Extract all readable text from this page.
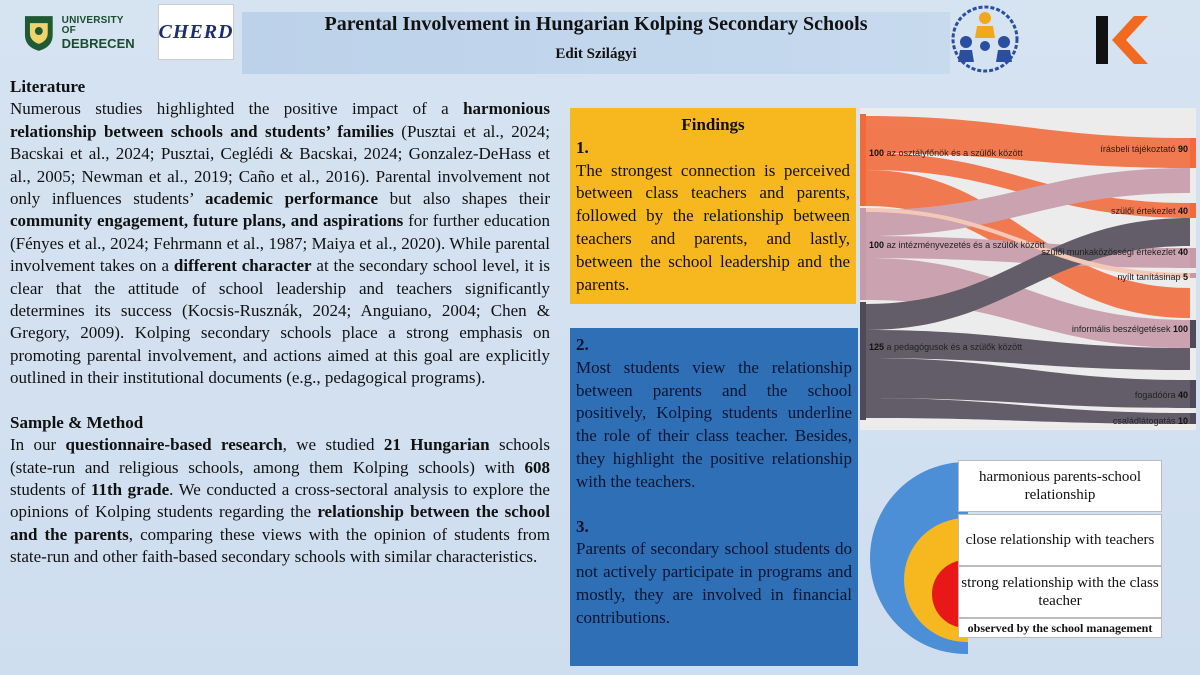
UNIVERSITY OF
DEBRECEN
CHERD	Parental Involvement in Hungarian Kolping Secondary Schools
Edit Szilágyi
Literature
Numerous studies highlighted the positive impact of a harmonious relationship between schools and students’ families (Pusztai et al., 2024; Bacskai et al., 2024; Pusztai, Ceglédi & Bacskai, 2024; Gonzalez-DeHass et al., 2005; Newman et al., 2019; Caño et al., 2016). Parental involvement not only influences students’ academic performance but also shapes their community engagement, future plans, and aspirations for further education (Fényes et al., 2024; Fehrmann et al., 1987; Maiya et al., 2020). While parental involvement takes on a different character at the secondary school level, it is clear that the attitude of school leadership and teachers significantly determines its success (Kocsis-Rusznák, 2024; Anguiano, 2004; Chen & Gregory, 2009). Kolping secondary schools place a strong emphasis on promoting parental involvement, and actions aimed at this goal are explicitly outlined in their institutional documents (e.g., pedagogical programs).
Sample & Method
In our questionnaire-based research, we studied 21 Hungarian schools (state-run and religious schools, among them Kolping schools) with 608 students of 11th grade. We conducted a cross-sectoral analysis to explore the opinions of Kolping students regarding the relationship between the school and the parents, comparing these views with the opinion of students from state-run and other faith-based secondary schools with similar characteristics.
Findings
1.
The strongest connection is perceived between class teachers and parents, followed by the relationship between teachers and parents, and lastly, between the school leadership and the parents.
2.
Most students view the relationship between parents and the school positively, Kolping students underline the role of their class teacher. Besides, they highlight the positive relationship with the teachers.
3.
Parents of secondary school students do not actively participate in programs and mostly, they are involved in financial contributions.
100 az osztályfőnök és a szülők között
100 az intézményvezetés és a szülők között
125 a pedagógusok és a szülők között
írásbeli tájékoztató 90
szülői értekezlet 40
szülői munkaközösségi értekezlet 40
nyílt tanításinap 5
informális beszélgetések 100
fogadóóra 40
családlátogatás 10
harmonious parents-school relationship
close relationship with teachers
strong relationship with the class teacher
observed by the school management
